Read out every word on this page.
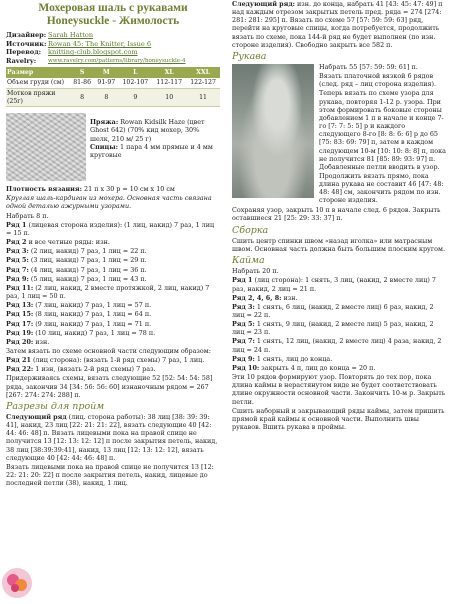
Мохеровая шаль с рукавами
Honeysuckle - Жимолость
Дизайнер: Sarah Hatton
Источник: Rowan 45: The Knitter, Issue 6
Перевод:	knitting-club.blogspot.com
Ravelry:	www.ravelry.com/patterns/library/honeysuckle-4
Размер	S	M	L	XL	XXL
Объем груди (см)	81-86	91-97	102-107	112-117	122-127
Мотков пряжи (25г)	8	8	9	10	11
Пряжа: Rowan Kidsilk Haze (цвет Ghost 642) (70% кид мохер, 30% шелк, 210 м/ 25 г)
Спицы: 1 пара 4 мм прямые и 4 мм круговые
Плотность вязания: 21 п х 30 р = 10 см х 10 см
Круглая шаль-кардиган из мохера. Основная часть связана одной деталью ажурными узорами.
Набрать 8 п.
Ряд 1 (лицевая сторона изделия): (1 лиц, накид) 7 раз, 1 лиц = 15 п.
Ряд 2 и все четные ряды: изн.
Ряд 3: (2 лиц, накид) 7 раз, 1 лиц = 22 п.
Ряд 5: (3 лиц, накид) 7 раз, 1 лиц = 29 п.
Ряд 7: (4 лиц, накид) 7 раз, 1 лиц = 36 п.
Ряд 9: (5 лиц, накид) 7 раз, 1 лиц = 43 п.
Ряд 11: (2 лиц, накид, 2 вместе протяжкой, 2 лиц, накид) 7 раз, 1 лиц = 50 п.
Ряд 13: (7 лиц, накид) 7 раз, 1 лиц = 57 п.
Ряд 15: (8 лиц, накид) 7 раз, 1 лиц = 64 п.
Ряд 17: (9 лиц, накид) 7 раз, 1 лиц = 71 п.
Ряд 19: (10 лиц, накид) 7 раз, 1 лиц = 78 п.
Ряд 20: изн.
Затем вязать по схеме основной части следующим образом:
Ряд 21 (лиц сторона): (вязать 1-й ряд схемы) 7 раз, 1 лиц.
Ряд 22: 1 изн, (вязать 2-й ряд схемы) 7 раз.
Придерживаясь схемы, вязать следующие 52 [52: 54: 54: 58] ряда, закончив 34 [34: 56: 56: 60] изнаночным рядом = 267 [267: 274: 274: 288] п.
Разрезы для пройм
Следующий ряд (лиц. сторона работы): 38 лиц [38: 39: 39: 41], накид, 23 лиц [22: 21: 21: 22], вязать следующие 40 [42: 44: 46: 48] п. Вязать лицевыми пока на правой спице не получится 13 [12: 13: 12: 12] п после закрытия петель, накид, 38 лиц [38:39:39:41], накид, 13 лиц [12: 13: 12: 12], вязать следующие 40 [42: 44: 46: 48] п.
Вязать лицевыми пока на правой спице не получится 13 [12: 22: 21: 20: 22] п после закрытия петель, накид, лицевые до последней петли (38), накид, 1 лиц.
Следующий ряд: изн. до конца, набрать 41 [43: 45: 47: 49] п над каждым отрезом закрытых петель пред. ряда = 274 [274: 281: 281: 295] п. Вязать по схеме 57 [57: 59: 59: 63] ряд, перейти на круговые спицы, когда потребуется, продолжить вязать по схеме, пока 144-й ряд не будет выполнен (по изн. стороне изделия). Свободно закрыть все 582 п.
Рукава
Набрать 55 [57: 59: 59: 61] п.
Вязать платочной вязкой 6 рядов (след. ряд – лиц сторона изделия).
Теперь вязать по схеме узора для рукава, повторяя 1-12 р. узора. При этом формировать боковые стороны добавлением 1 п в начале и конце 7-го [7: 7: 5: 5] р и каждого следующего 8-го [8: 8: 6: 6] р до 65 [75: 83: 69: 79] п, затем в каждом следующем 10-м [10: 10: 8: 8] п, пока не получится 81 [85: 89: 93: 97] п. Добавленные петли вводить в узор.
Продолжить вязать прямо, пока длина рукава не составит 46 [47: 48: 48: 48] см, закончить рядом по изн. стороне изделия.
Сохраняя узор, закрыть 10 п в начале след. 6 рядов. Закрыть оставшиеся 21 [25: 29: 33: 37] п.
Сборка
Сшить центр спинки швом «назад иголка» или матрасным швом. Основная часть должна быть большим плоским кругом.
Кайма
Набрать 20 п.
Ряд 1 (лиц сторона): 1 снять, 3 лиц, (накид, 2 вместе лиц) 7 раз, накид, 2 лиц = 21 п.
Ряд 2, 4, 6, 8: изн.
Ряд 3: 1 снять, 6 лиц, (накид, 2 вместе лиц) 6 раз, накид, 2 лиц = 22 п.
Ряд 5: 1 снять, 9 лиц, (накид, 2 вместе лиц) 5 раз, накид, 2 лиц = 23 п.
Ряд 7: 1 снять, 12 лиц, (накид, 2 вместе лиц) 4 раза, накид, 2 лиц = 24 п.
Ряд 9: 1 снять, лиц до конца.
Ряд 10: закрыть 4 п, лиц до конца = 20 п.
Эти 10 рядов формируют узор. Повторять до тех пор, пока длина каймы в нерастянутом виде не будет соответствовать длине окружности основной части. Закончить 10-м р. Закрыть петли.
Сшить наборный и закрывающий ряды каймы, затем пришить прямой край каймы к основной части. Выполнить швы рукавов. Вшить рукава в проймы.
